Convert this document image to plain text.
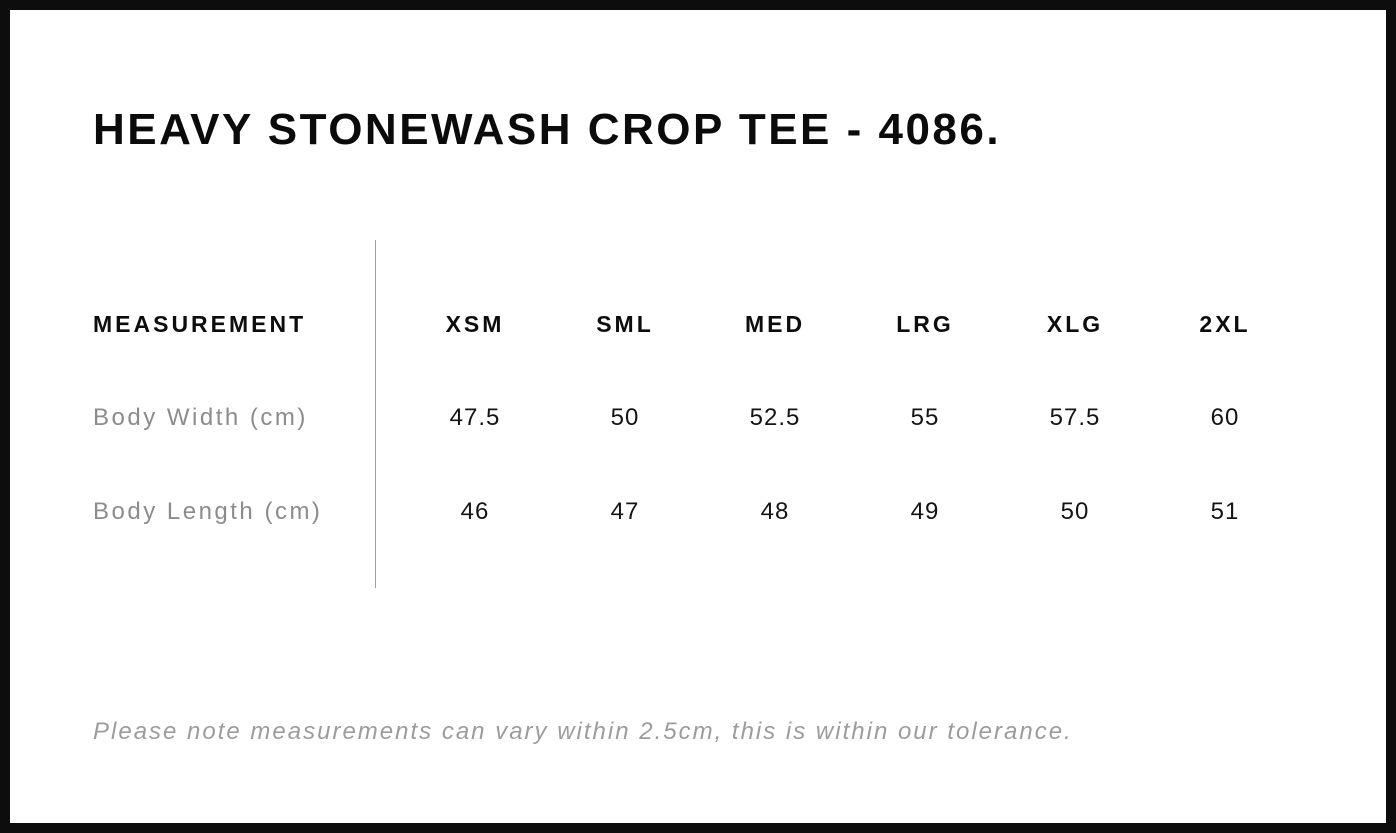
HEAVY STONEWASH CROP TEE - 4086.
MEASUREMENT	XSM	SML	MED	LRG	XLG	2XL
Body Width (cm)	47.5	50	52.5	55	57.5	60
Body Length (cm)	46	47	48	49	50	51

Please note measurements can vary within 2.5cm, this is within our tolerance.
